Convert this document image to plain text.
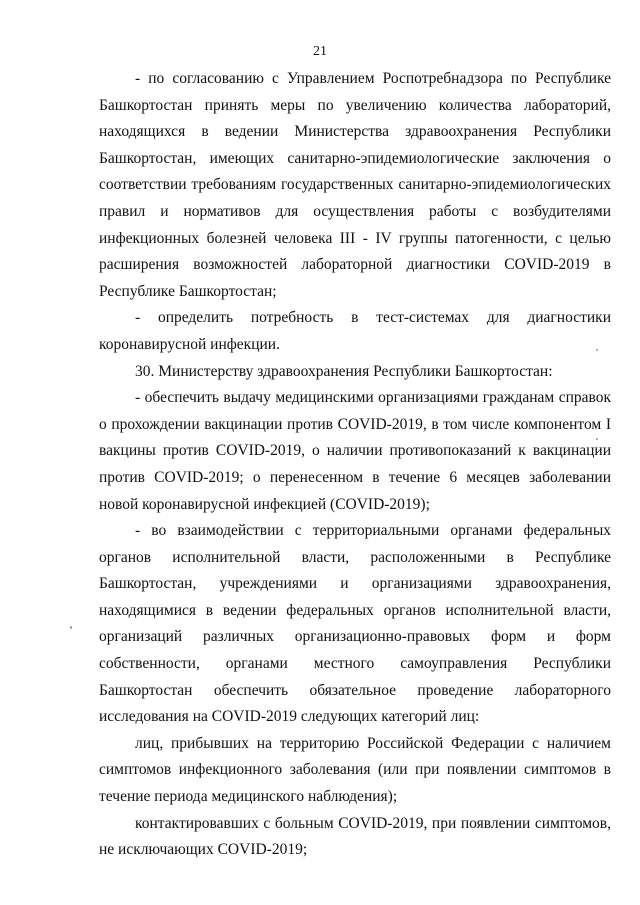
21

- по согласованию с Управлением Роспотребнадзора по Республике Башкортостан принять меры по увеличению количества лабораторий, находящихся в ведении Министерства здравоохранения Республики Башкортостан, имеющих санитарно-эпидемиологические заключения о соответствии требованиям государственных санитарно-эпидемиологических правил и нормативов для осуществления работы с возбудителями инфекционных болезней человека III - IV группы патогенности, с целью расширения возможностей лабораторной диагностики COVID-2019 в Республике Башкортостан;

- определить потребность в тест-системах для диагностики коронавирусной инфекции.

30. Министерству здравоохранения Республики Башкортостан:

- обеспечить выдачу медицинскими организациями гражданам справок о прохождении вакцинации против COVID-2019, в том числе компонентом I вакцины против COVID-2019, о наличии противопоказаний к вакцинации против COVID-2019; о перенесенном в течение 6 месяцев заболевании новой коронавирусной инфекцией (COVID-2019);

- во взаимодействии с территориальными органами федеральных органов исполнительной власти, расположенными в Республике Башкортостан, учреждениями и организациями здравоохранения, находящимися в ведении федеральных органов исполнительной власти, организаций различных организационно-правовых форм и форм собственности, органами местного самоуправления Республики Башкортостан обеспечить обязательное проведение лабораторного исследования на COVID-2019 следующих категорий лиц:

лиц, прибывших на территорию Российской Федерации с наличием симптомов инфекционного заболевания (или при появлении симптомов в течение периода медицинского наблюдения);

контактировавших с больным COVID-2019, при появлении симптомов, не исключающих COVID-2019;
